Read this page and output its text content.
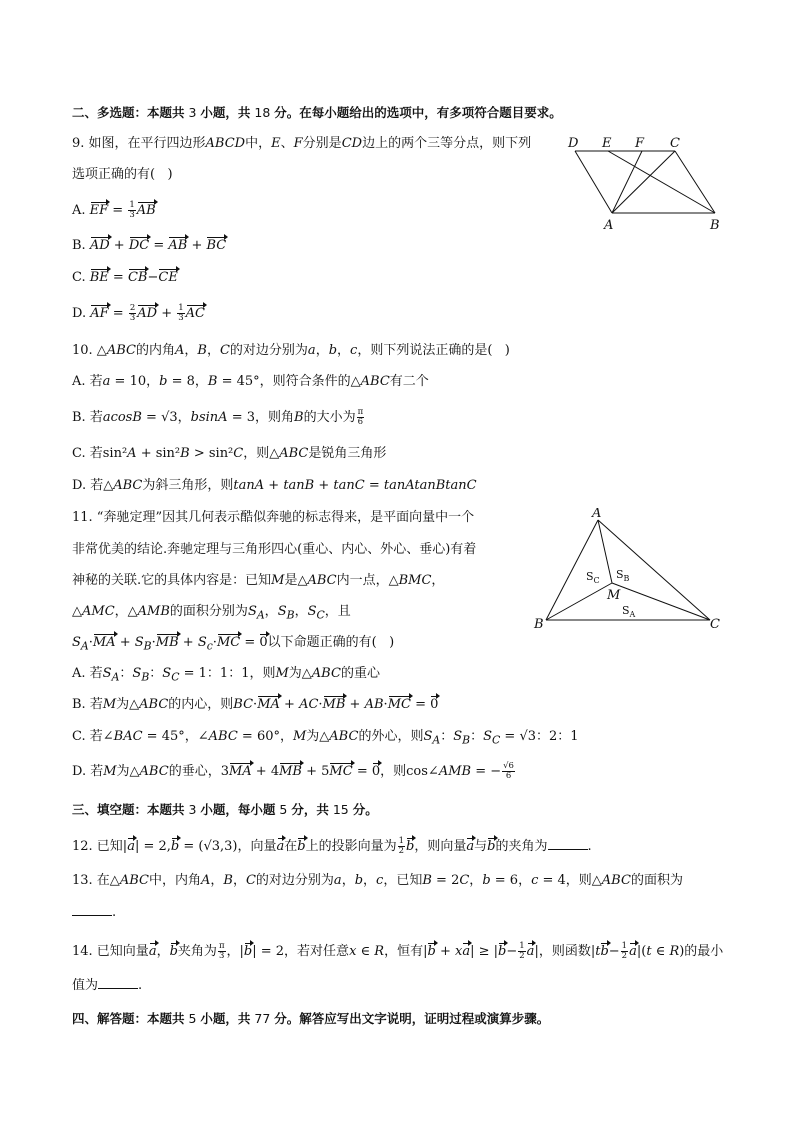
二、多选题：本题共 3 小题，共 18 分。在每小题给出的选项中，有多项符合题目要求。
9. 如图，在平行四边形ABCD中，E、F分别是CD边上的两个三等分点，则下列
选项正确的有(   )
A. EF = $\frac{1}{3}$ AB
B. AD + DC = AB + BC
C. BE = CB−CE
D. AF = $\frac{2}{3}$ AD + $\frac{1}{3}$ AC
D E F C
A	B
10. △ABC的内角A，B，C的对边分别为a，b，c，则下列说法正确的是(   )
A. 若a = 10，b = 8，B = 45°，则符合条件的△ABC有二个
B. 若acosB = √3，bsinA = 3，则角B的大小为 $\frac{\pi}{6}$
C. 若sin²A + sin²B > sin²C，则△ABC是锐角三角形
D. 若△ABC为斜三角形，则tanA + tanB + tanC = tanAtanBtanC
11. “奔驰定理”因其几何表示酷似奔驰的标志得来，是平面向量中一个
非常优美的结论.奔驰定理与三角形四心(重心、内心、外心、垂心)有着
神秘的关联.它的具体内容是：已知M是△ABC内一点，△BMC，
△AMC，△AMB的面积分别为$S_A$，$S_B$，$S_C$，且
$S_A\cdot MA + S_B\cdot MB + S_c\cdot MC = 0$以下命题正确的有(   )
A. 若$S_A$：$S_B$：$S_C = 1$：1：1，则M为△ABC的重心
B. 若M为△ABC的内心，则BC·MA + AC·MB + AB·MC = 0
C. 若∠BAC = 45°，∠ABC = 60°，M为△ABC的外心，则$S_A$：$S_B$：$S_C = √3$：2：1
D. 若M为△ABC的垂心，3MA + 4MB + 5MC = 0，则cos∠AMB = − $\frac{√6}{6}$
A
B	C
M
$S_C$ $S_B$
$S_A$
三、填空题：本题共 3 小题，每小题 5 分，共 15 分。
12. 已知|a| = 2,b = (√3,3)，向量a在b上的投影向量为 $\frac{1}{2}$ b，则向量a与b的夹角为	.
13. 在△ABC中，内角A，B，C的对边分别为a，b，c，已知B = 2C，b = 6，c = 4，则△ABC的面积为
.
14. 已知向量a，b夹角为 $\frac{\pi}{3}$ ，|b| = 2，若对任意x ∈ R，恒有$|b + xa| \ge |b- \frac{1}{2} a|$，则函数$|tb- \frac{1}{2} a|(t$ ∈ R)的最小
值为	.
四、解答题：本题共 5 小题，共 77 分。解答应写出文字说明，证明过程或演算步骤。
